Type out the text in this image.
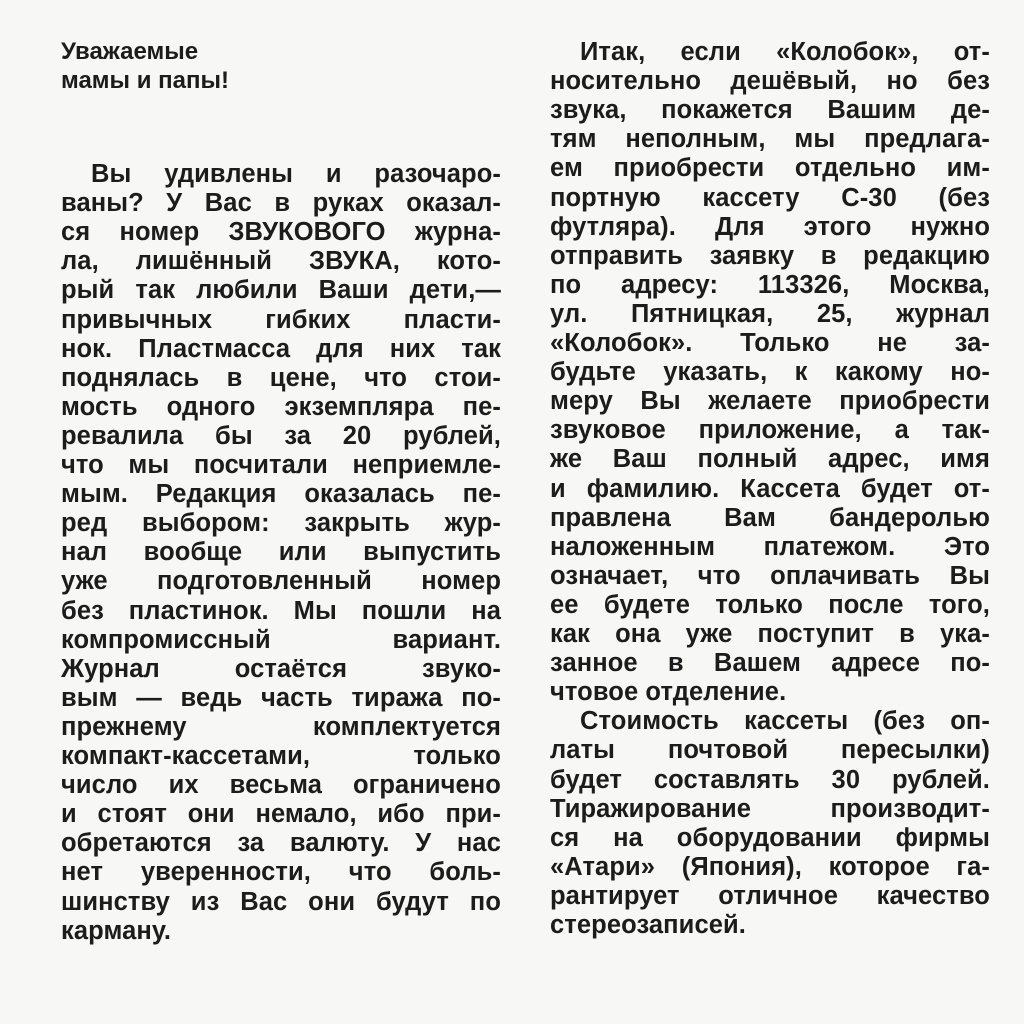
Уважаемые
мамы и папы!
Вы удивлены и разочаро-
ваны? У Вас в руках оказал-
ся номер ЗВУКОВОГО журна-
ла, лишённый ЗВУКА, кото-
рый так любили Ваши дети,—
привычных гибких пласти-
нок. Пластмасса для них так
поднялась в цене, что стои-
мость одного экземпляра пе-
ревалила бы за 20 рублей,
что мы посчитали неприемле-
мым. Редакция оказалась пе-
ред выбором: закрыть жур-
нал вообще или выпустить
уже подготовленный номер
без пластинок. Мы пошли на
компромиссный вариант.
Журнал остаётся звуко-
вым — ведь часть тиража по-
прежнему комплектуется
компакт-кассетами, только
число их весьма ограничено
и стоят они немало, ибо при-
обретаются за валюту. У нас
нет уверенности, что боль-
шинству из Вас они будут по
карману.
Итак, если «Колобок», от-
носительно дешёвый, но без
звука, покажется Вашим де-
тям неполным, мы предлага-
ем приобрести отдельно им-
портную кассету С-30 (без
футляра). Для этого нужно
отправить заявку в редакцию
по адресу: 113326, Москва,
ул. Пятницкая, 25, журнал
«Колобок». Только не за-
будьте указать, к какому но-
меру Вы желаете приобрести
звуковое приложение, а так-
же Ваш полный адрес, имя
и фамилию. Кассета будет от-
правлена Вам бандеролью
наложенным платежом. Это
означает, что оплачивать Вы
ее будете только после того,
как она уже поступит в ука-
занное в Вашем адресе по-
чтовое отделение.
Стоимость кассеты (без оп-
латы почтовой пересылки)
будет составлять 30 рублей.
Тиражирование производит-
ся на оборудовании фирмы
«Атари» (Япония), которое га-
рантирует отличное качество
стереозаписей.
